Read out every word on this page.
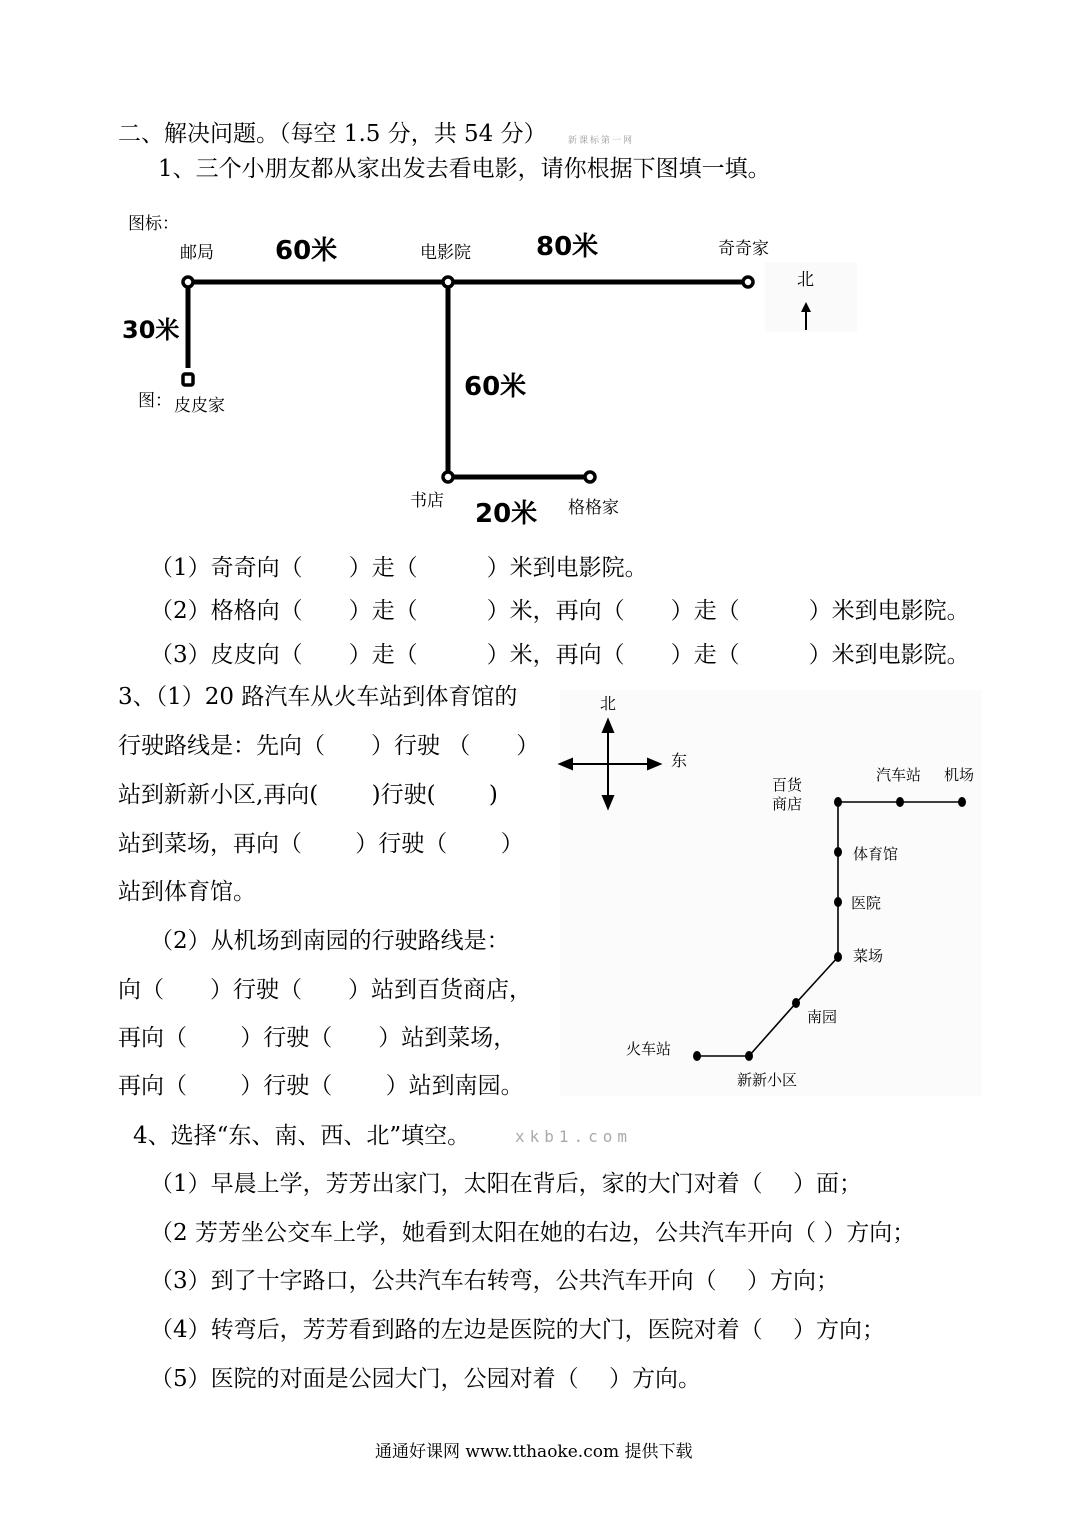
二、解决问题。（每空 1.5 分，共 54 分） 新课标第一网
1、三个小朋友都从家出发去看电影，请你根据下图填一填。
图标：
图：
邮局	电影院	奇奇家
皮皮家
书店	格格家
60米	80米
30米
60米
20米
北
（1）奇奇向（　　）走（　　　）米到电影院。
（2）格格向（　　）走（　　　）米，再向（　　）走（　　　）米到电影院。
（3）皮皮向（　　）走（　　　）米，再向（　　）走（　　　）米到电影院。
3、（1）20 路汽车从火车站到体育馆的
行驶路线是：先向（　　）行驶 （　　）
站到新新小区,再向(　　 )行驶(　　 )
站到菜场，再向（　　 ）行驶（　　 ）
站到体育馆。
（2）从机场到南园的行驶路线是：
向（　　）行驶（　　）站到百货商店，
再向（　　 ）行驶（　　）站到菜场，
再向（　　 ）行驶（　　 ）站到南园。
北
东
百货 商店
汽车站 机场
体育馆
医院
菜场
南园
火车站
新新小区
4、选择“东、南、西、北”填空。	xkb1.com
（1）早晨上学，芳芳出家门，太阳在背后，家的大门对着（　 ）面；
（2 芳芳坐公交车上学，她看到太阳在她的右边，公共汽车开向（ ）方向；
（3）到了十字路口，公共汽车右转弯，公共汽车开向（　 ）方向；
（4）转弯后，芳芳看到路的左边是医院的大门，医院对着（　 ）方向；
（5）医院的对面是公园大门，公园对着（　 ）方向。
通通好课网 www.tthaoke.com 提供下载
